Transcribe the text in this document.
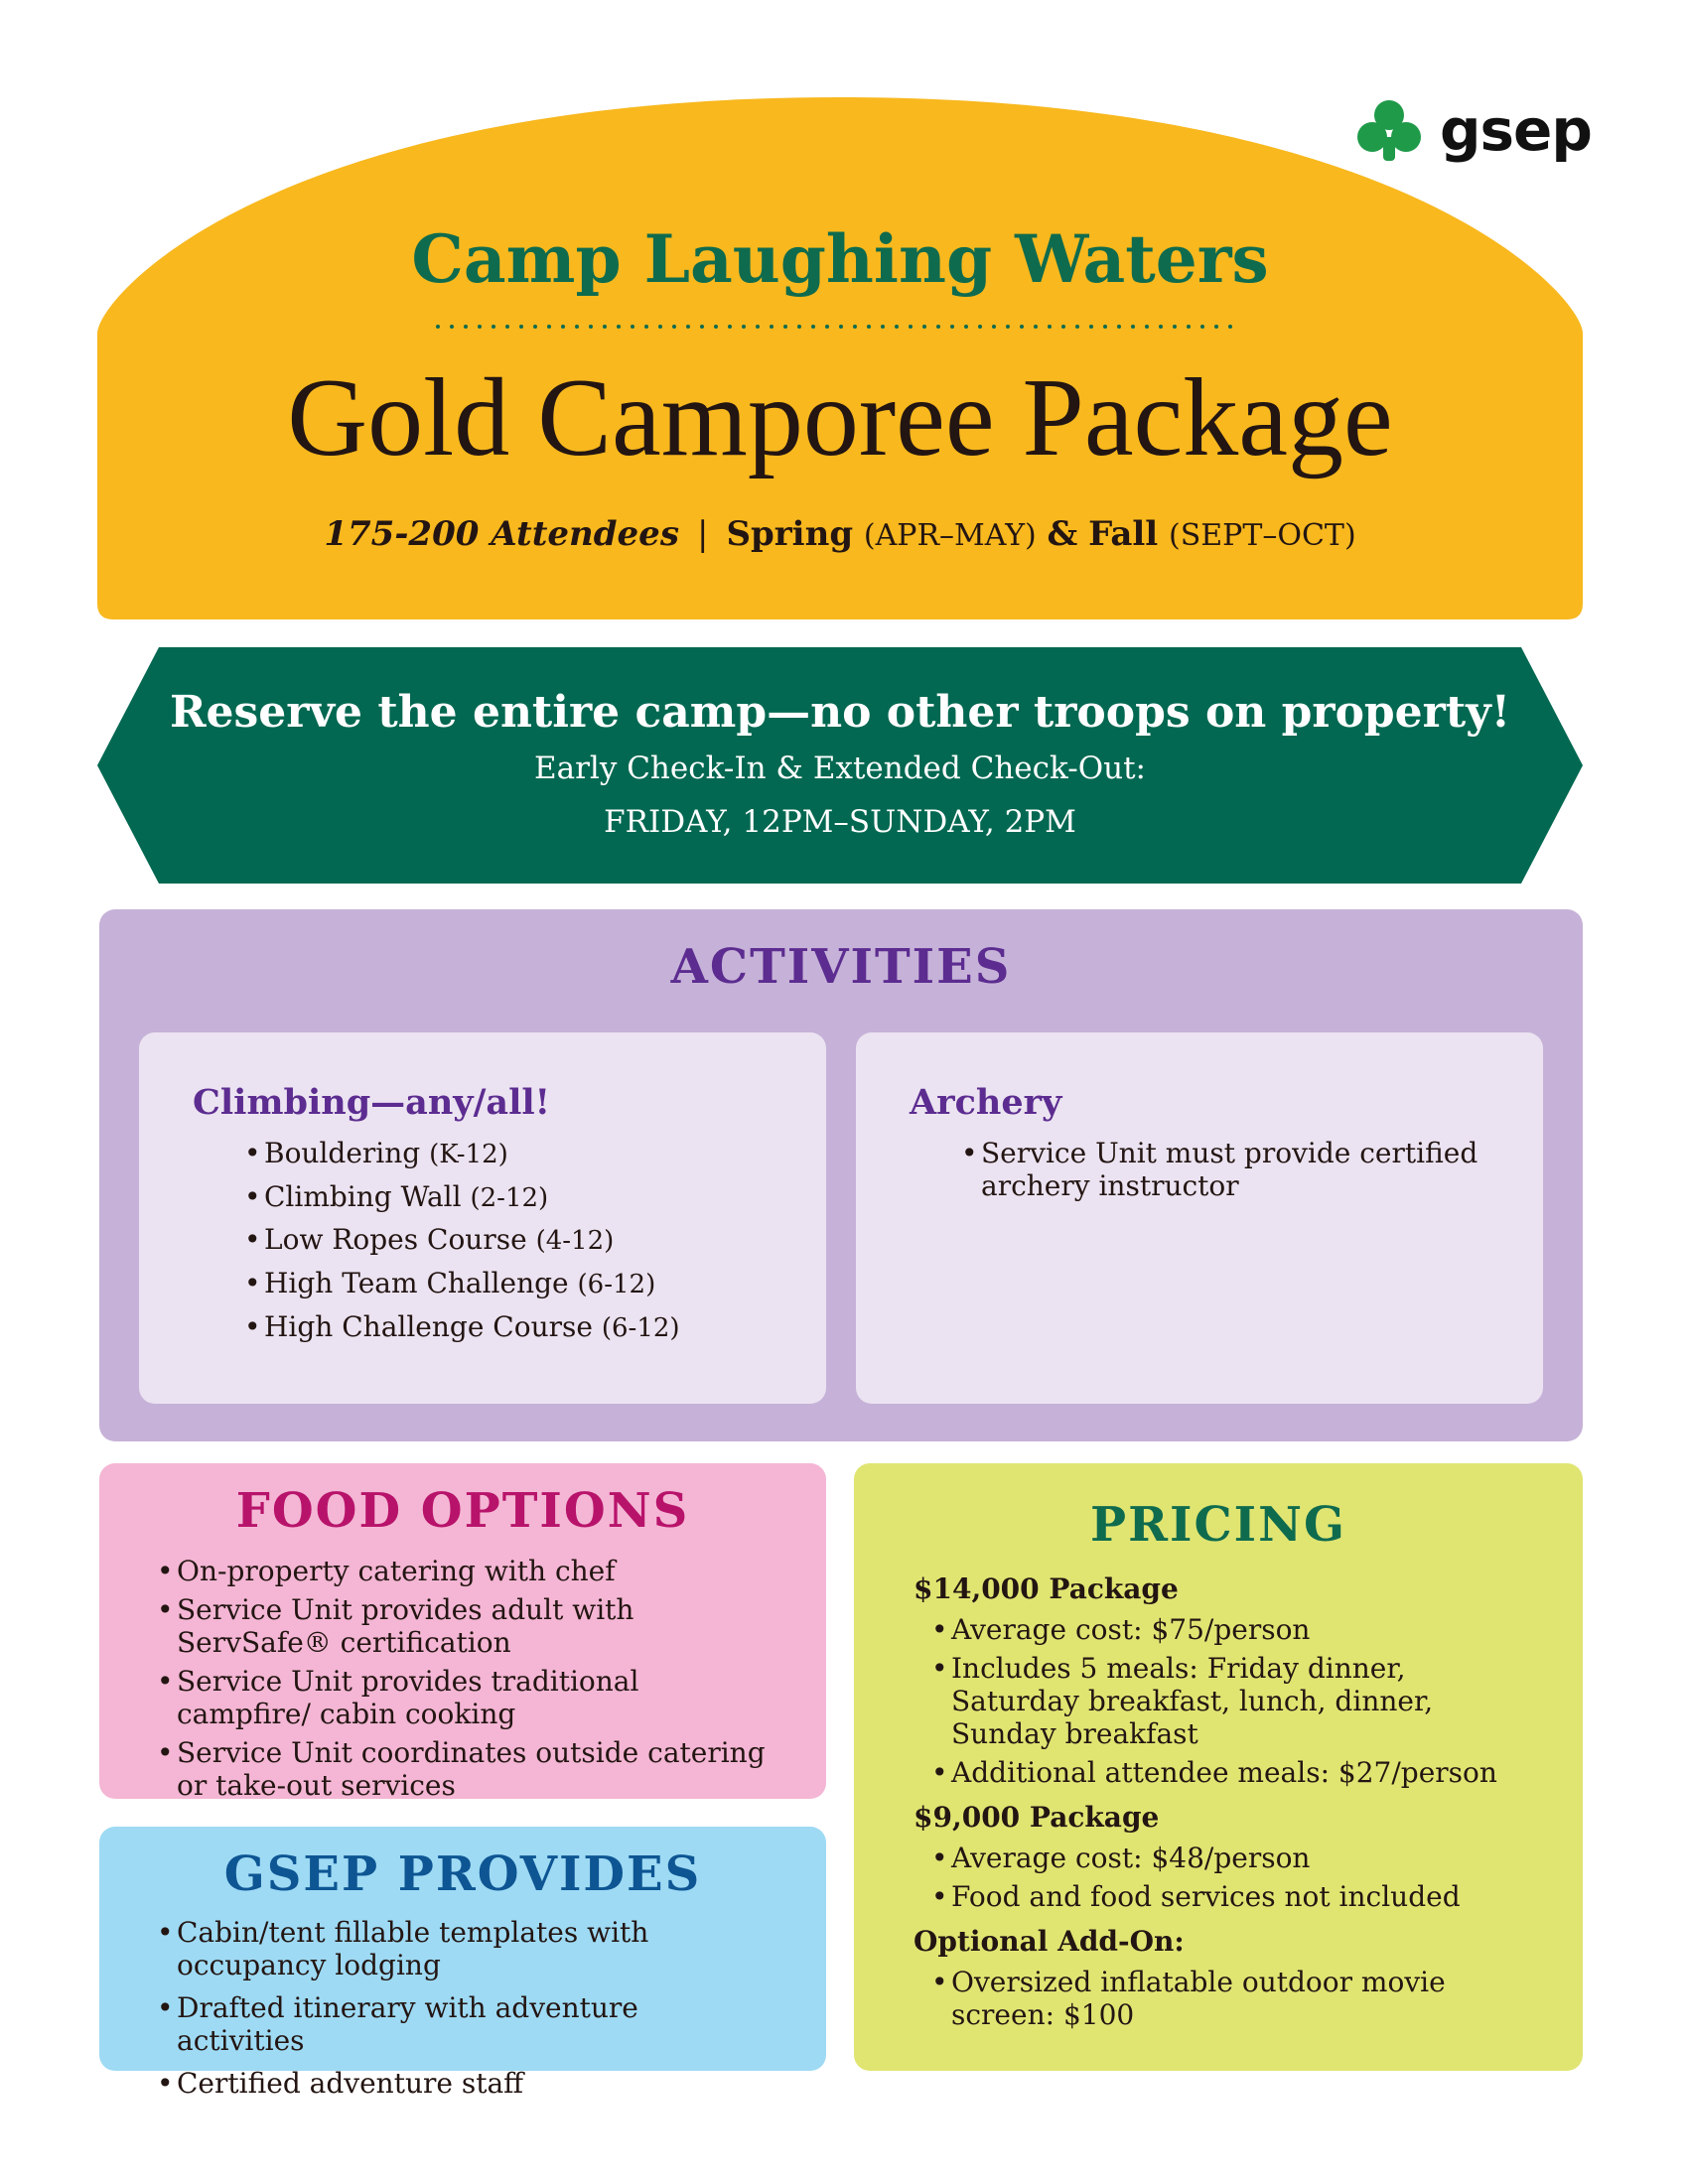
gsep
Camp Laughing Waters
Gold Camporee Package
175-200 Attendees | Spring (APR–MAY) & Fall (SEPT–OCT)
Reserve the entire camp—no other troops on property!
Early Check-In & Extended Check-Out:
FRIDAY, 12PM–SUNDAY, 2PM
ACTIVITIES
Climbing—any/all!
• Bouldering (K-12)
• Climbing Wall (2-12)
• Low Ropes Course (4-12)
• High Team Challenge (6-12)
• High Challenge Course (6-12)
Archery
• Service Unit must provide certified archery instructor
FOOD OPTIONS
• On-property catering with chef
• Service Unit provides adult with ServSafe® certification
• Service Unit provides traditional campfire/ cabin cooking
• Service Unit coordinates outside catering or take-out services
GSEP PROVIDES
• Cabin/tent fillable templates with occupancy lodging
• Drafted itinerary with adventure activities
• Certified adventure staff
PRICING
$14,000 Package
• Average cost: $75/person
• Includes 5 meals: Friday dinner, Saturday breakfast, lunch, dinner, Sunday breakfast
• Additional attendee meals: $27/person
$9,000 Package
• Average cost: $48/person
• Food and food services not included
Optional Add-On:
• Oversized inflatable outdoor movie screen: $100
